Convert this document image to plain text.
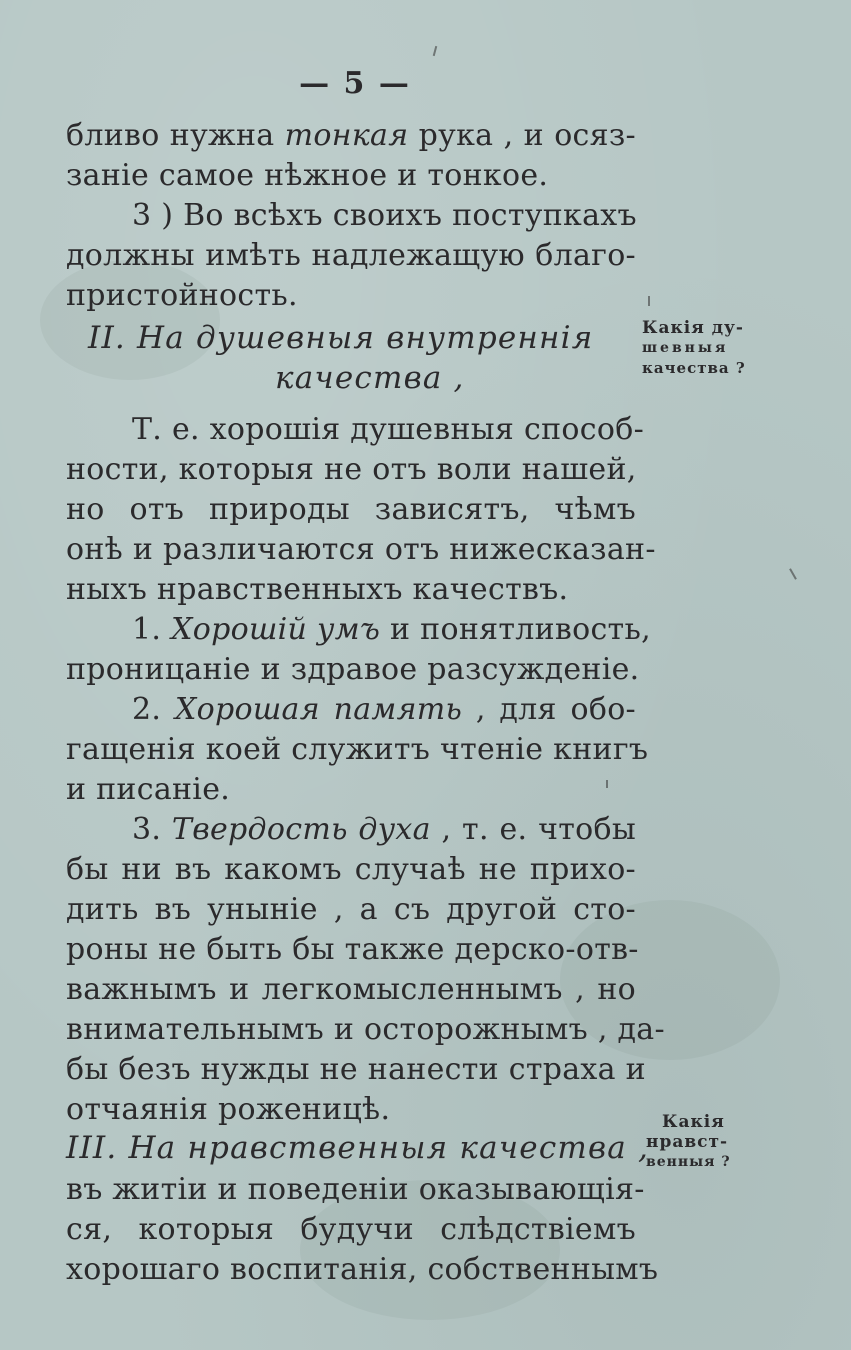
— 5 —
бливо нужна тонкая рука , и осяз-
заніе самое нѣжное и тонкое.
3 ) Во всѣхъ своихъ поступкахъ
должны имѣть надлежащую благо-
пристойность.
II. На душевныя внутреннія
качества ,
Т. е. хорошія душевныя способ-
ности, которыя не отъ воли нашей,
но отъ природы зависятъ, чѣмъ
онѣ и различаются отъ нижесказан-
ныхъ нравственныхъ качествъ.
1. Хорошій умъ и понятливость,
проницаніе и здравое разсужденіе.
2. Хорошая память , для обо-
гащенія коей служитъ чтеніе книгъ
и писаніе.
3. Твердость духа , т. е. чтобы
бы ни въ какомъ случаѣ не прихо-
дить въ уныніе , а съ другой сто-
роны не быть бы также дерско-отв-
важнымъ и легкомысленнымъ , но
внимательнымъ и осторожнымъ , да-
бы безъ нужды не нанести страха и
отчаянія роженицѣ.
III. На нравственныя качества ,
въ житіи и поведеніи оказывающія-
ся, которыя будучи слѣдствіемъ
хорошаго воспитанія, собственнымъ
Какія ду-
шевныя
качества ?
Какія
нравст-
венныя ?
